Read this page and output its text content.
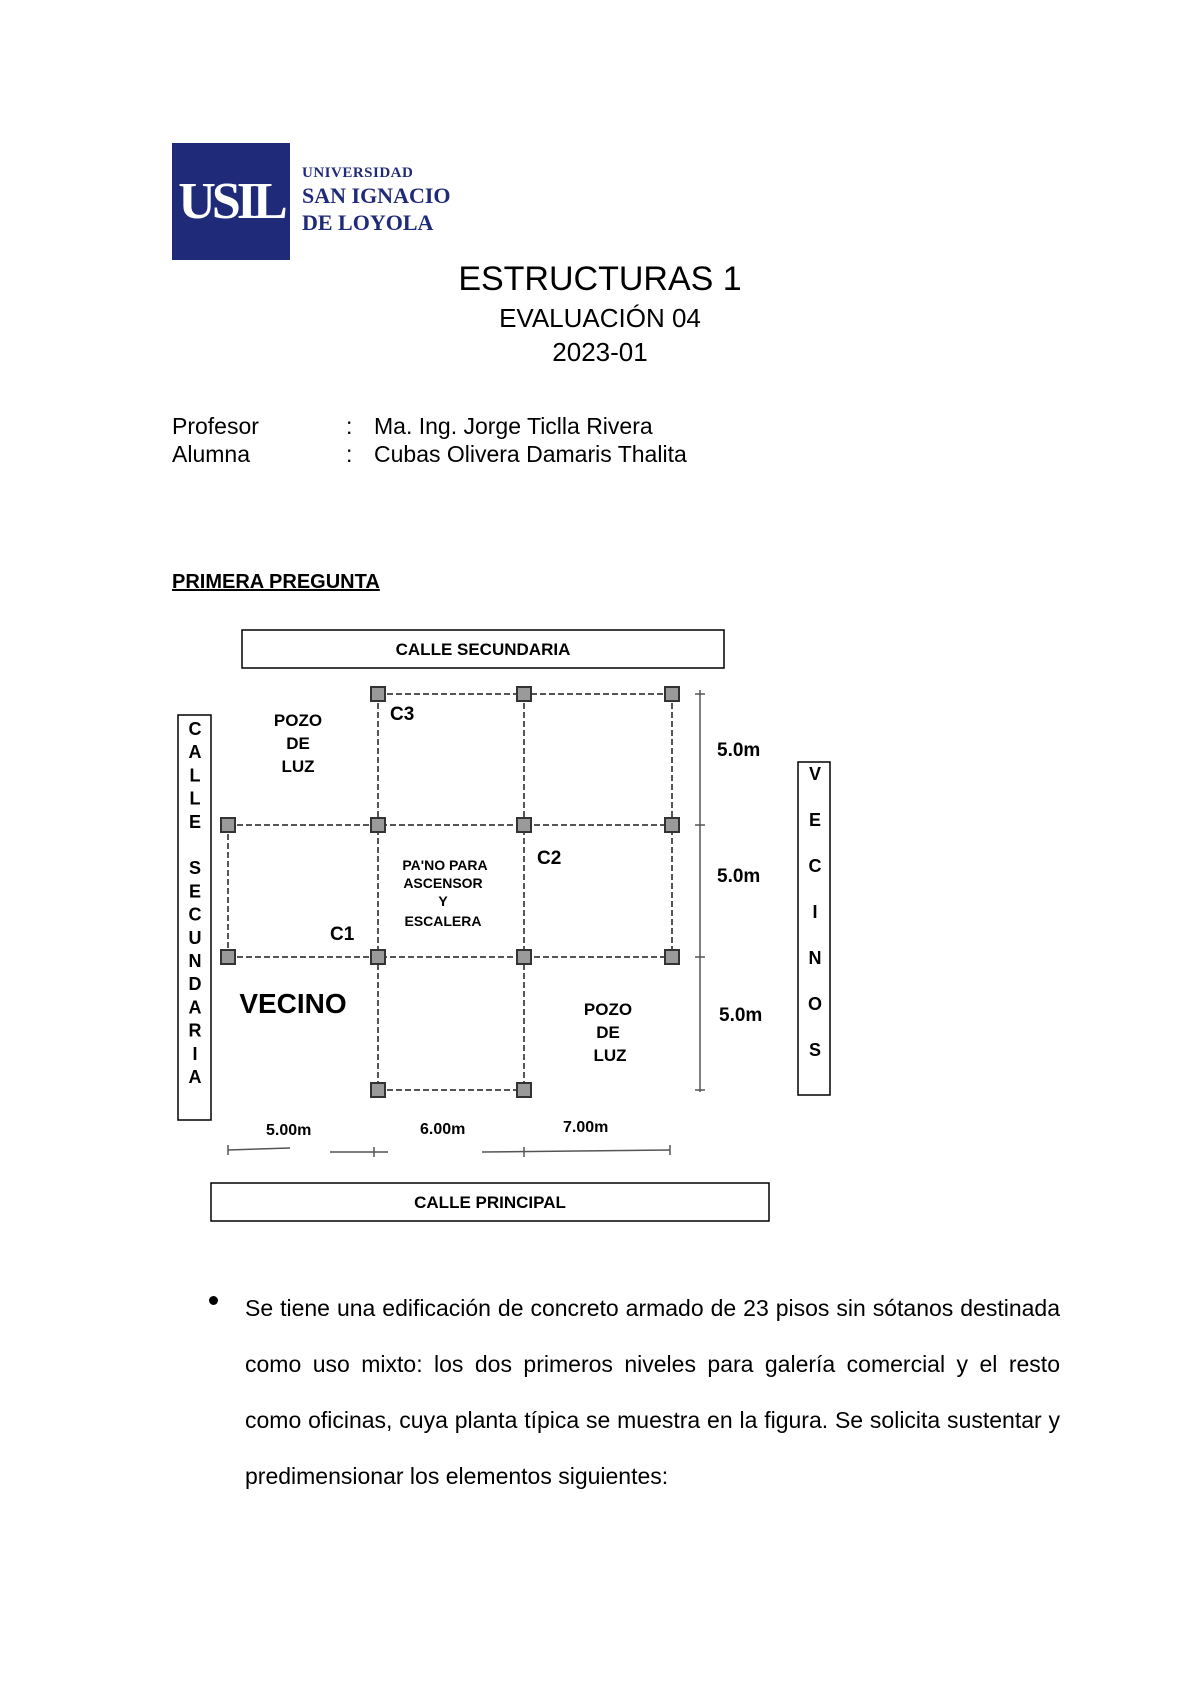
USIL	UNIVERSIDAD
SAN IGNACIO
DE LOYOLA
ESTRUCTURAS 1
EVALUACIÓN 04
2023-01
Profesor	: Ma. Ing. Jorge Ticlla Rivera
Alumna	: Cubas Olivera Damaris Thalita
PRIMERA PREGUNTA
CALLE SECUNDARIA
CALLE PRINCIPAL
C
A
L
L
E
S
E
C
U
N
D
A
R
I
A
V
E
C
I
N
O
S
POZO
DE
LUZ
POZO
DE
LUZ
PA'NO PARA
ASCENSOR
Y
ESCALERA
VECINO
C1
C2
C3
5.0m
5.0m
5.0m
5.00m	6.00m	7.00m
Se tiene una edificación de concreto armado de 23 pisos sin sótanos destinada como uso mixto: los dos primeros niveles para galería comercial y el resto como oficinas, cuya planta típica se muestra en la figura. Se solicita sustentar y predimensionar los elementos siguientes:
